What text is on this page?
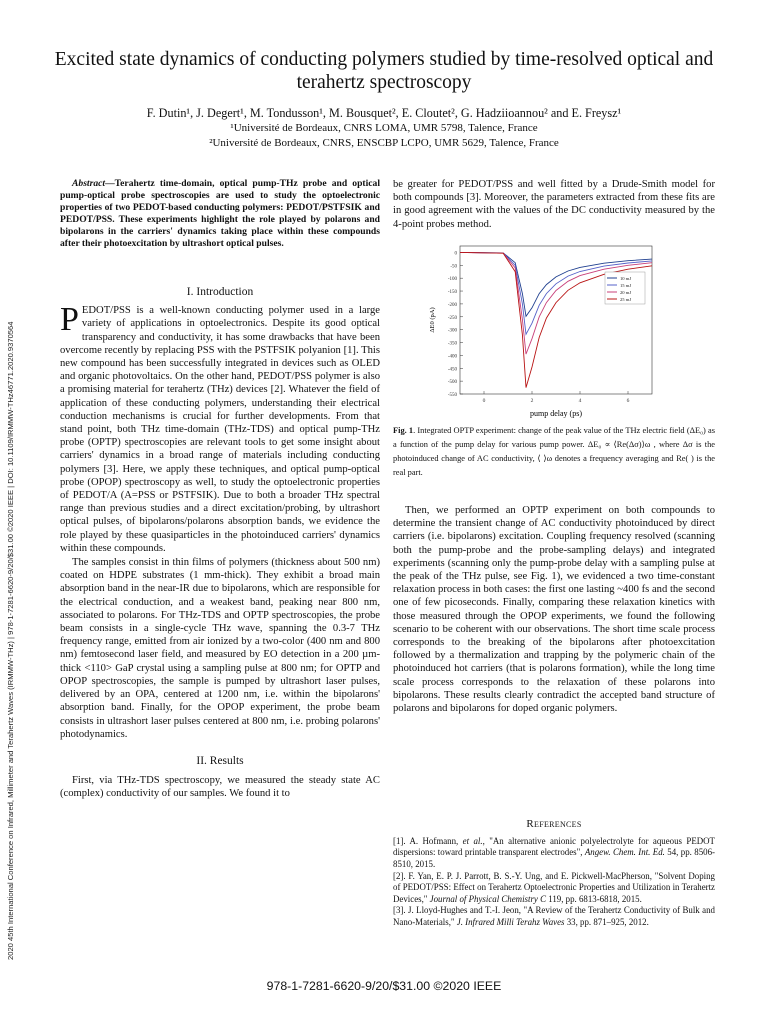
2020 45th International Conference on Infrared, Millimeter and Terahertz Waves (IRMMW-THz) | 978-1-7281-6620-9/20/$31.00 ©2020 IEEE | DOI: 10.1109/IRMMW-THz46771.2020.9370564
Excited state dynamics of conducting polymers studied by time-resolved optical and terahertz spectroscopy
F. Dutin¹, J. Degert¹, M. Tondusson¹, M. Bousquet², E. Cloutet², G. Hadziioannou² and E. Freysz¹
¹Université de Bordeaux, CNRS LOMA, UMR 5798, Talence, France
²Université de Bordeaux, CNRS, ENSCBP LCPO, UMR 5629, Talence, France
Abstract—Terahertz time-domain, optical pump-THz probe and optical pump-optical probe spectroscopies are used to study the optoelectronic properties of two PEDOT-based conducting polymers: PEDOT/PSTFSIK and PEDOT/PSS. These experiments highlight the role played by polarons and bipolarons in the carriers' dynamics taking place within these compounds after their photoexcitation by ultrashort optical pulses.
I. Introduction

PEDOT/PSS is a well-known conducting polymer used in a large variety of applications in optoelectronics. Despite its good optical transparency and conductivity, it has some drawbacks that have been overcome recently by replacing PSS with the PSTFSIK polyanion [1]. This new compound has been successfully integrated in devices such as OLED and organic photovoltaics. On the other hand, PEDOT/PSS polymer is also a promising material for terahertz (THz) devices [2]. Whatever the field of application of these conducting polymers, understanding their electrical conduction mechanisms is crucial for further developments. From that stand point, both THz time-domain (THz-TDS) and optical pump-THz probe (OPTP) spectroscopies are relevant tools to get some insight about carriers' dynamics in a broad range of materials including conducting polymers [3]. Here, we apply these techniques, and optical pump-optical probe (OPOP) spectroscopy as well, to study the optoelectronic properties of PEDOT/A (A=PSS or PSTFSIK). Due to both a broader THz spectral range than previous studies and a direct excitation/probing, by ultrashort optical pulses, of bipolarons/polarons absorption bands, we evidence the role played by these quasiparticles in the photoinduced carriers' dynamics within these compounds.

The samples consist in thin films of polymers (thickness about 500 nm) coated on HDPE substrates (1 mm-thick). They exhibit a broad main absorption band in the near-IR due to bipolarons, which are responsible for the electrical conduction, and a weakest band, peaking near 800 nm, associated to polarons. For THz-TDS and OPTP spectroscopies, the probe beam consists in a single-cycle THz wave, spanning the 0.3-7 THz frequency range, emitted from air ionized by a two-color (400 nm and 800 nm) femtosecond laser field, and measured by EO detection in a 200 µm-thick <110> GaP crystal using a sampling pulse at 800 nm; for OPTP and OPOP spectroscopies, the sample is pumped by ultrashort laser pulses, delivered by an OPA, centered at 1200 nm, i.e. within the bipolarons' absorption band. Finally, for the OPOP experiment, the probe beam consists in ultrashort laser pulses centered at 800 nm, i.e. probing polarons' photodynamics.

II. Results

First, via THz-TDS spectroscopy, we measured the steady state AC (complex) conductivity of our samples. We found it to

be greater for PEDOT/PSS and well fitted by a Drude-Smith model for both compounds [3]. Moreover, the parameters extracted from these fits are in good agreement with the values of the DC conductivity measured by the 4-point probes method.

0
-50
-100
-150
-200
-250
-300
-350
-400
-450
-500
-550
0	2	4	6
10 mJ
15 mJ
20 mJ
25 mJ
pump delay (ps)
ΔE0 (pA)
Fig. 1. Integrated OPTP experiment: change of the peak value of the THz electric field (ΔE₀) as a function of the pump delay for various pump power. ΔE₀ ∝ ⟨Re(Δσ)⟩ω , where Δσ is the photoinduced change of AC conductivity, ⟨ ⟩ω denotes a frequency averaging and Re( ) is the real part.

Then, we performed an OPTP experiment on both compounds to determine the transient change of AC conductivity photoinduced by direct carriers (i.e. bipolarons) excitation. Coupling frequency resolved (scanning both the pump-probe and the probe-sampling delays) and integrated experiments (scanning only the pump-probe delay with a sampling pulse at the peak of the THz pulse, see Fig. 1), we evidenced a two time-constant relaxation process in both cases: the first one lasting ~400 fs and the second one of few picoseconds. Finally, comparing these relaxation kinetics with those measured through the OPOP experiments, we found the following scenario to be coherent with our observations. The short time scale process corresponds to the breaking of the bipolarons after photoexcitation followed by a thermalization and trapping by the polymeric chain of the photoinduced hot carriers (that is polarons formation), while the long time scale process corresponds to the relaxation of these polarons into bipolarons. These results clearly contradict the accepted band structure of polarons and bipolarons for doped organic polymers.

References
[1]. A. Hofmann, et al., "An alternative anionic polyelectrolyte for aqueous PEDOT dispersions: toward printable transparent electrodes", Angew. Chem. Int. Ed. 54, pp. 8506-8510, 2015.
[2]. F. Yan, E. P. J. Parrott, B. S.-Y. Ung, and E. Pickwell-MacPherson, "Solvent Doping of PEDOT/PSS: Effect on Terahertz Optoelectronic Properties and Utilization in Terahertz Devices," Journal of Physical Chemistry C 119, pp. 6813-6818, 2015.
[3]. J. Lloyd-Hughes and T.-I. Jeon, "A Review of the Terahertz Conductivity of Bulk and Nano-Materials," J. Infrared Milli Terahz Waves 33, pp. 871–925, 2012.
978-1-7281-6620-9/20/$31.00 ©2020 IEEE
